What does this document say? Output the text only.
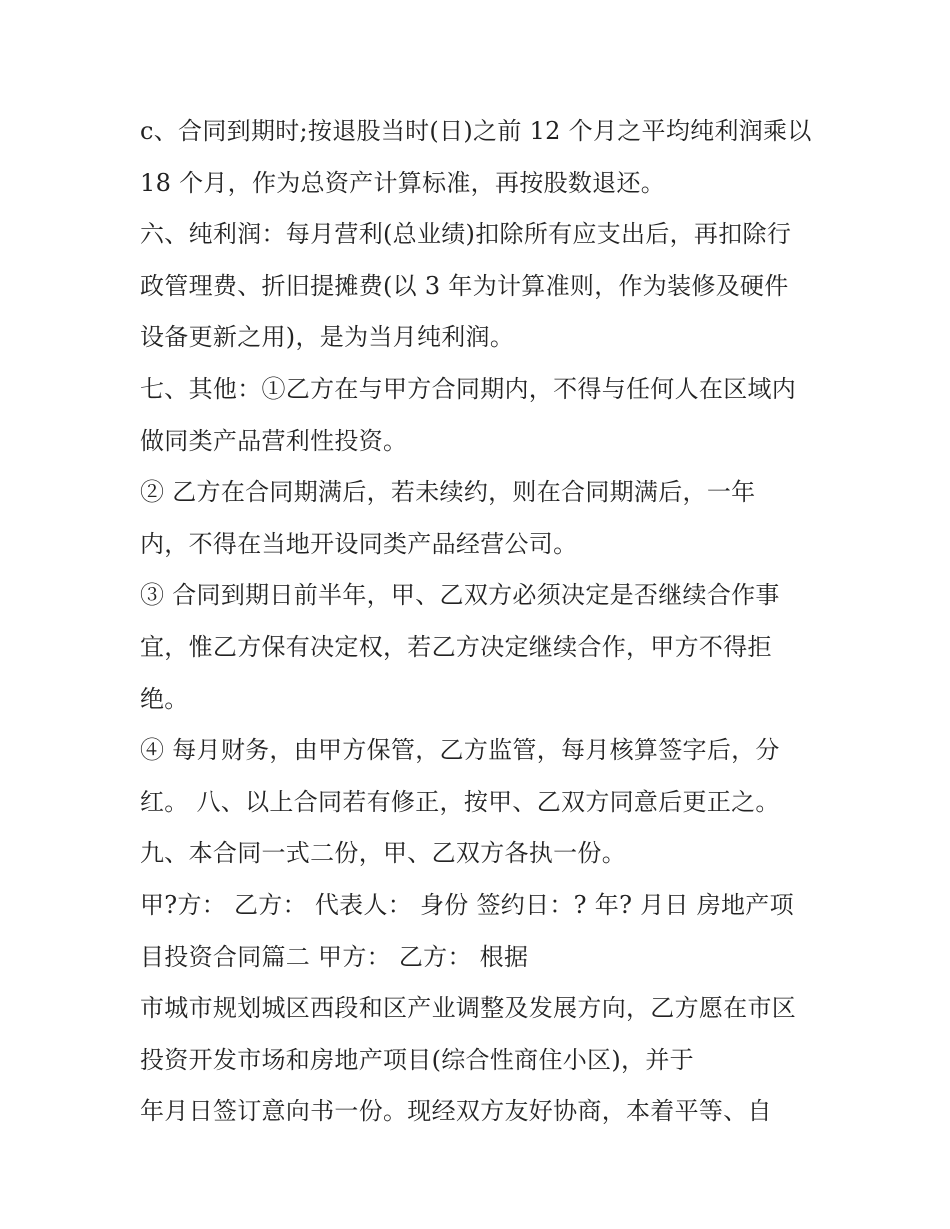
c、合同到期时;按退股当时(日)之前 12 个月之平均纯利润乘以
18 个月，作为总资产计算标准，再按股数退还。
六、纯利润：每月营利(总业绩)扣除所有应支出后，再扣除行
政管理费、折旧提摊费(以 3 年为计算准则，作为装修及硬件
设备更新之用)，是为当月纯利润。
七、其他：①乙方在与甲方合同期内，不得与任何人在区域内
做同类产品营利性投资。
② 乙方在合同期满后，若未续约，则在合同期满后，一年
内，不得在当地开设同类产品经营公司。
③ 合同到期日前半年，甲、乙双方必须决定是否继续合作事
宜，惟乙方保有决定权，若乙方决定继续合作，甲方不得拒
绝。
④ 每月财务，由甲方保管，乙方监管，每月核算签字后，分
红。 八、以上合同若有修正，按甲、乙双方同意后更正之。
九、本合同一式二份，甲、乙双方各执一份。
甲?方： 乙方： 代表人： 身份 签约日：? 年? 月日 房地产项
目投资合同篇二 甲方： 乙方： 根据
市城市规划城区西段和区产业调整及发展方向，乙方愿在市区
投资开发市场和房地产项目(综合性商住小区)，并于
年月日签订意向书一份。现经双方友好协商，本着平等、自
